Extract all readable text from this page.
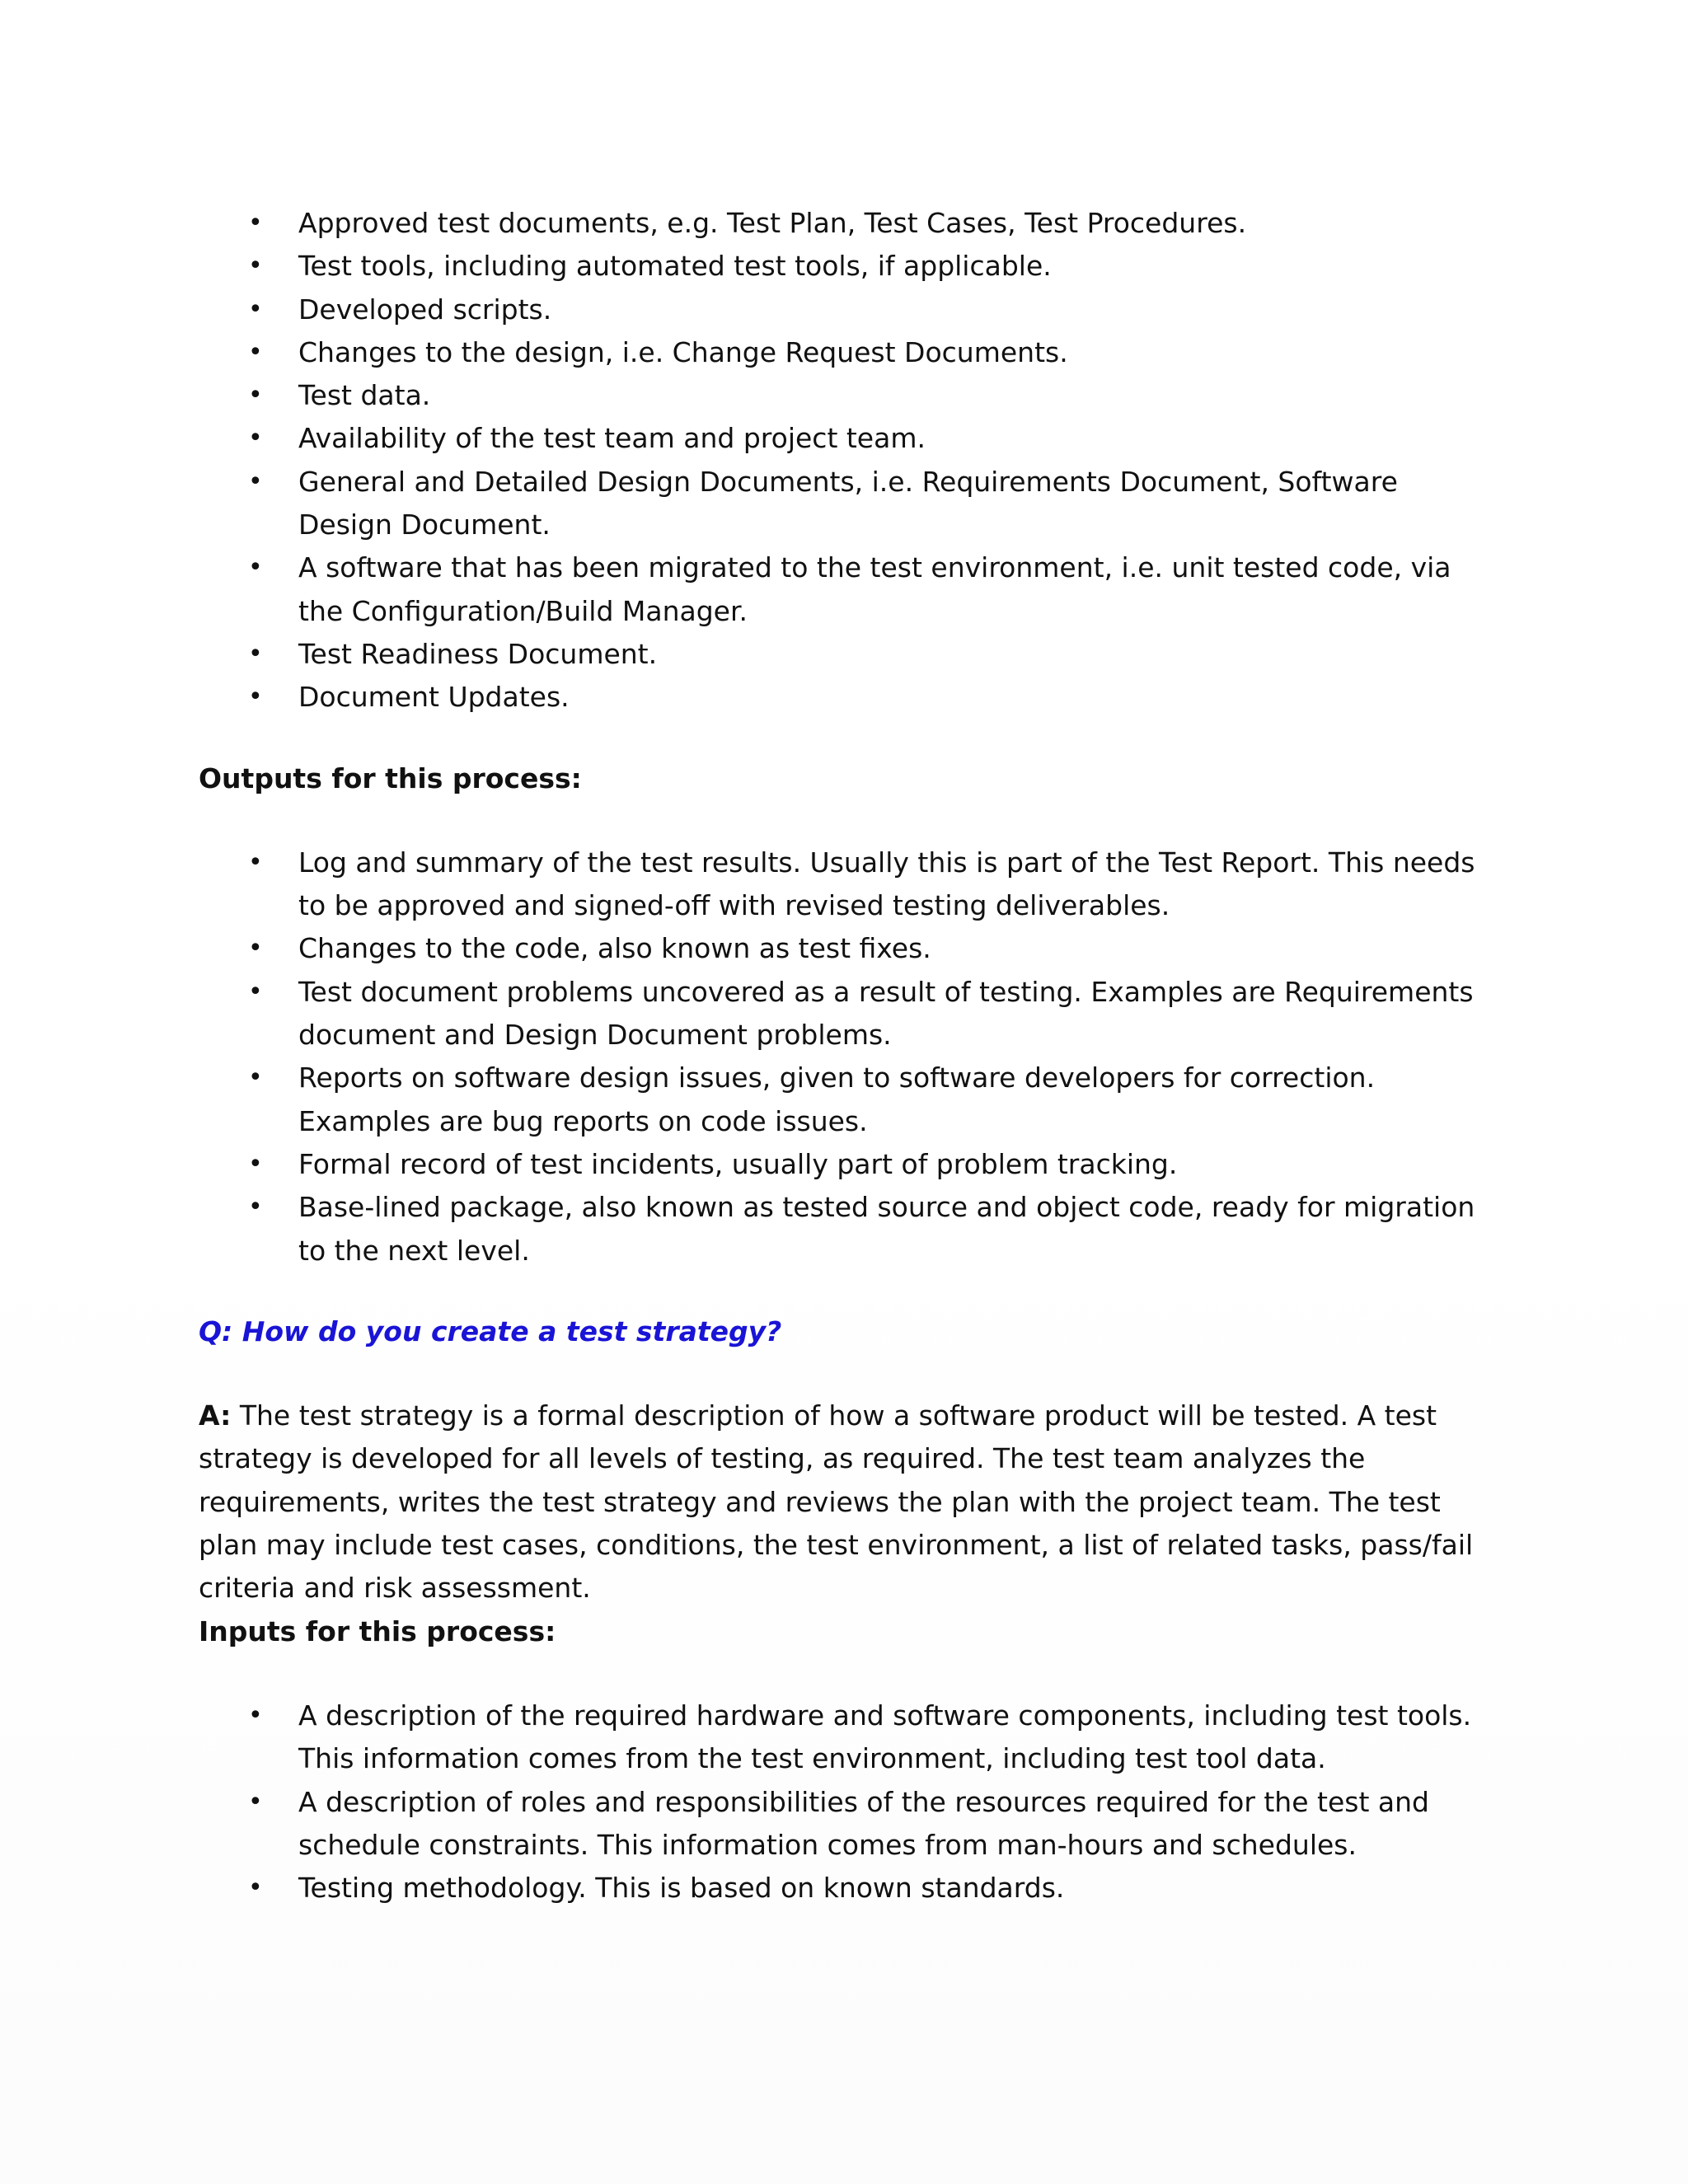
• Approved test documents, e.g. Test Plan, Test Cases, Test Procedures.
• Test tools, including automated test tools, if applicable.
• Developed scripts.
• Changes to the design, i.e. Change Request Documents.
• Test data.
• Availability of the test team and project team.
• General and Detailed Design Documents, i.e. Requirements Document, Software Design Document.
• A software that has been migrated to the test environment, i.e. unit tested code, via the Configuration/Build Manager.
• Test Readiness Document.
• Document Updates.

Outputs for this process:

• Log and summary of the test results. Usually this is part of the Test Report. This needs to be approved and signed-off with revised testing deliverables.
• Changes to the code, also known as test fixes.
• Test document problems uncovered as a result of testing. Examples are Requirements document and Design Document problems.
• Reports on software design issues, given to software developers for correction. Examples are bug reports on code issues.
• Formal record of test incidents, usually part of problem tracking.
• Base-lined package, also known as tested source and object code, ready for migration to the next level.

Q: How do you create a test strategy?

A: The test strategy is a formal description of how a software product will be tested. A test strategy is developed for all levels of testing, as required. The test team analyzes the requirements, writes the test strategy and reviews the plan with the project team. The test plan may include test cases, conditions, the test environment, a list of related tasks, pass/fail criteria and risk assessment.

Inputs for this process:

• A description of the required hardware and software components, including test tools. This information comes from the test environment, including test tool data.
• A description of roles and responsibilities of the resources required for the test and schedule constraints. This information comes from man-hours and schedules.
• Testing methodology. This is based on known standards.
